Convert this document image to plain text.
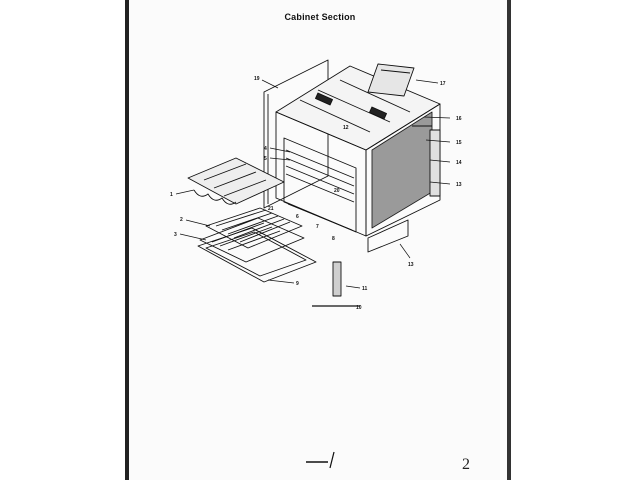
Cabinet Section
19
17
16
15
14
13
12
13
11
10
4
5
20
6
7
8
21
1
2
3
9
2
